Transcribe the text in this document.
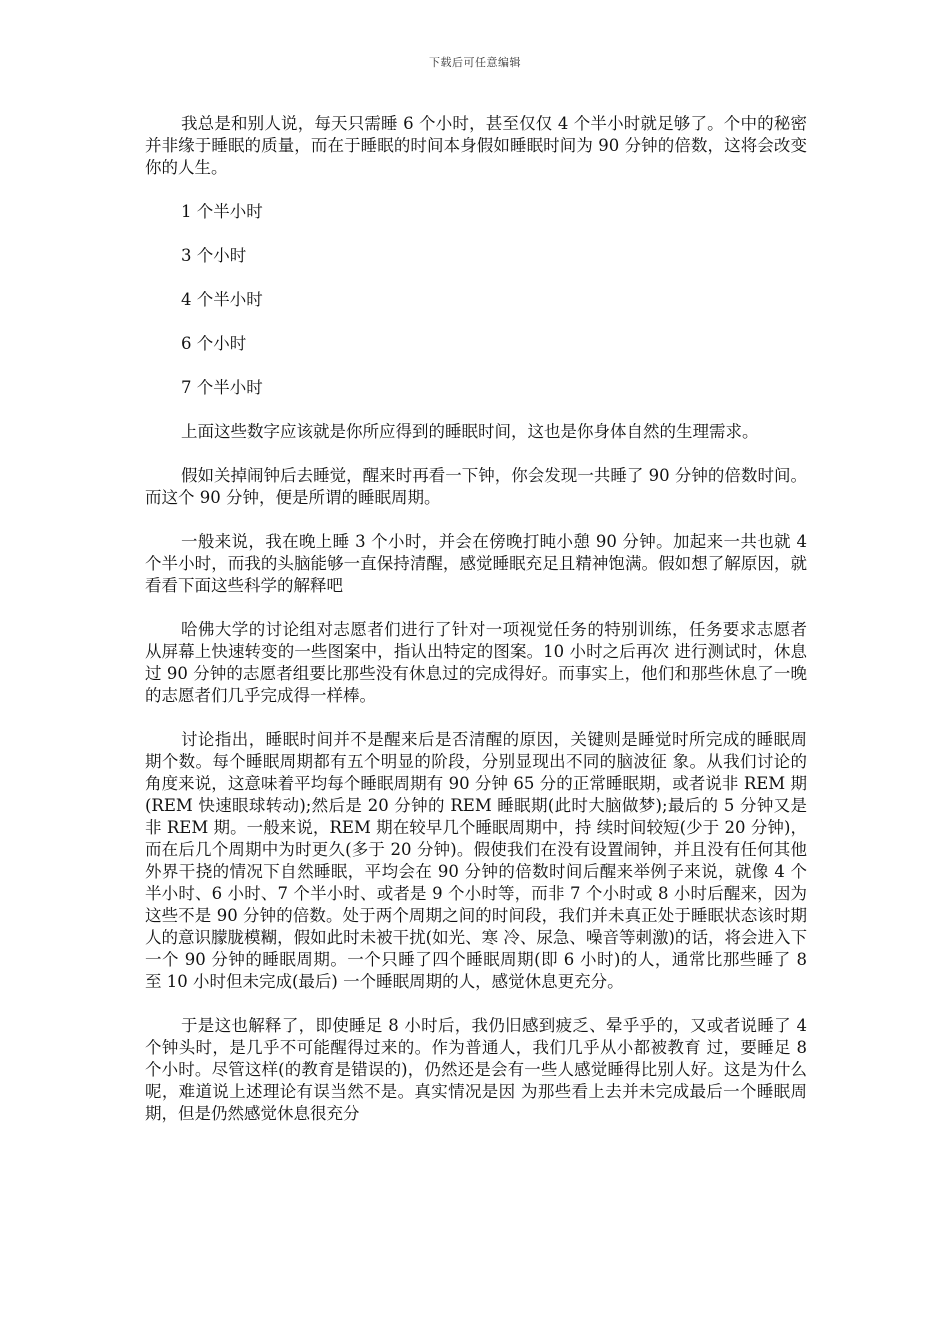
下载后可任意编辑

我总是和别人说，每天只需睡 6 个小时，甚至仅仅 4 个半小时就足够了。个中的秘密并非缘于睡眠的质量，而在于睡眠的时间本身假如睡眠时间为 90 分钟的倍数，这将会改变你的人生。

1 个半小时

3 个小时

4 个半小时

6 个小时

7 个半小时

上面这些数字应该就是你所应得到的睡眠时间，这也是你身体自然的生理需求。

假如关掉闹钟后去睡觉，醒来时再看一下钟，你会发现一共睡了 90 分钟的倍数时间。而这个 90 分钟，便是所谓的睡眠周期。

一般来说，我在晚上睡 3 个小时，并会在傍晚打盹小憩 90 分钟。加起来一共也就 4 个半小时，而我的头脑能够一直保持清醒，感觉睡眠充足且精神饱满。假如想了解原因，就看看下面这些科学的解释吧

哈佛大学的讨论组对志愿者们进行了针对一项视觉任务的特别训练，任务要求志愿者从屏幕上快速转变的一些图案中，指认出特定的图案。10 小时之后再次 进行测试时，休息过 90 分钟的志愿者组要比那些没有休息过的完成得好。而事实上，他们和那些休息了一晚的志愿者们几乎完成得一样棒。

讨论指出，睡眠时间并不是醒来后是否清醒的原因，关键则是睡觉时所完成的睡眠周期个数。每个睡眠周期都有五个明显的阶段，分别显现出不同的脑波征 象。从我们讨论的角度来说，这意味着平均每个睡眠周期有 90 分钟 65 分的正常睡眠期，或者说非 REM 期(REM 快速眼球转动);然后是 20 分钟的 REM 睡眠期(此时大脑做梦);最后的 5 分钟又是非 REM 期。一般来说，REM 期在较早几个睡眠周期中，持 续时间较短(少于 20 分钟)，而在后几个周期中为时更久(多于 20 分钟)。假使我们在没有设置闹钟，并且没有任何其他外界干挠的情况下自然睡眠，平均会在 90 分钟的倍数时间后醒来举例子来说，就像 4 个半小时、6 小时、7 个半小时、或者是 9 个小时等，而非 7 个小时或 8 小时后醒来，因为这些不是 90 分钟的倍数。处于两个周期之间的时间段，我们并未真正处于睡眠状态该时期人的意识朦胧模糊，假如此时未被干扰(如光、寒 冷、尿急、噪音等刺激)的话，将会进入下一个 90 分钟的睡眠周期。一个只睡了四个睡眠周期(即 6 小时)的人，通常比那些睡了 8 至 10 小时但未完成(最后) 一个睡眠周期的人，感觉休息更充分。

于是这也解释了，即使睡足 8 小时后，我仍旧感到疲乏、晕乎乎的，又或者说睡了 4 个钟头时，是几乎不可能醒得过来的。作为普通人，我们几乎从小都被教育 过，要睡足 8 个小时。尽管这样(的教育是错误的)，仍然还是会有一些人感觉睡得比别人好。这是为什么呢，难道说上述理论有误当然不是。真实情况是因 为那些看上去并未完成最后一个睡眠周期，但是仍然感觉休息很充分
